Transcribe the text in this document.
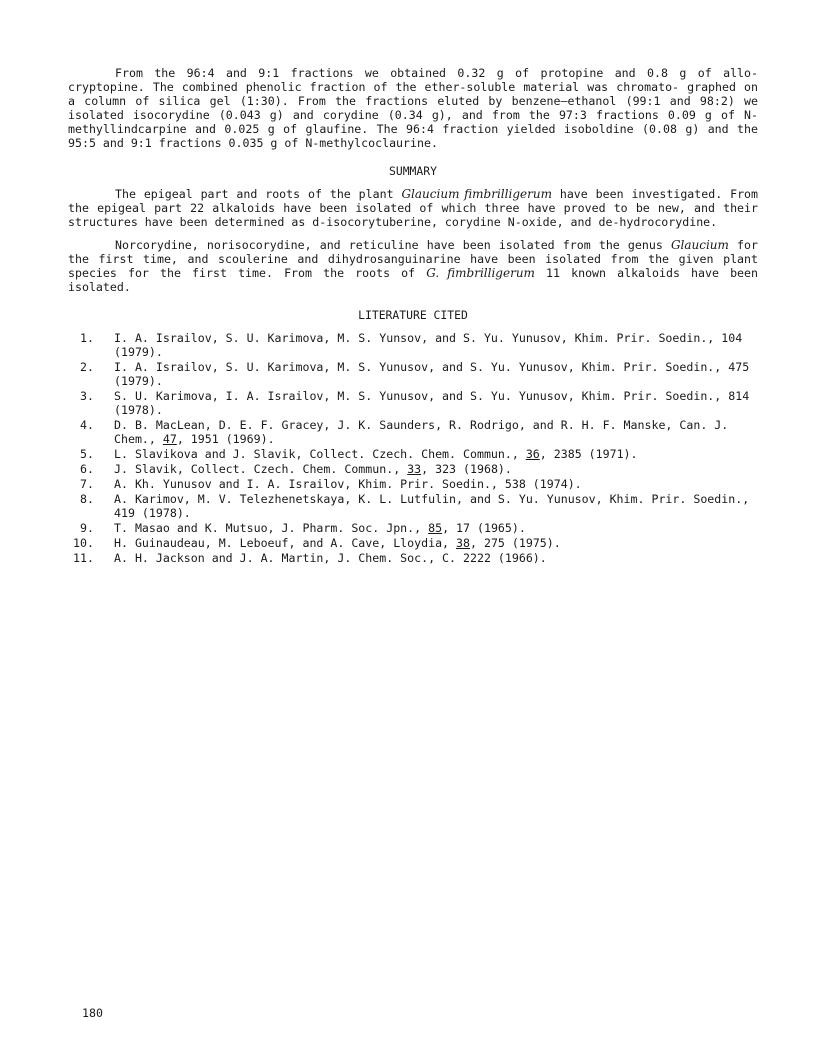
From the 96:4 and 9:1 fractions we obtained 0.32 g of protopine and 0.8 g of allo- cryptopine. The combined phenolic fraction of the ether-soluble material was chromato- graphed on a column of silica gel (1:30). From the fractions eluted by benzene–ethanol (99:1 and 98:2) we isolated isocorydine (0.043 g) and corydine (0.34 g), and from the 97:3 fractions 0.09 g of N-methyllindcarpine and 0.025 g of glaufine. The 96:4 fraction yielded isoboldine (0.08 g) and the 95:5 and 9:1 fractions 0.035 g of N-methylcoclaurine.

SUMMARY

The epigeal part and roots of the plant Glaucium fimbrilligerum have been investigated. From the epigeal part 22 alkaloids have been isolated of which three have proved to be new, and their structures have been determined as d-isocorytuberine, corydine N-oxide, and de-hydrocorydine.

Norcorydine, norisocorydine, and reticuline have been isolated from the genus Glaucium for the first time, and scoulerine and dihydrosanguinarine have been isolated from the given plant species for the first time. From the roots of G. fimbrilligerum 11 known alkaloids have been isolated.

LITERATURE CITED
1. I. A. Israilov, S. U. Karimova, M. S. Yunsov, and S. Yu. Yunusov, Khim. Prir. Soedin., 104 (1979).
2. I. A. Israilov, S. U. Karimova, M. S. Yunusov, and S. Yu. Yunusov, Khim. Prir. Soedin., 475 (1979).
3. S. U. Karimova, I. A. Israilov, M. S. Yunusov, and S. Yu. Yunusov, Khim. Prir. Soedin., 814 (1978).
4. D. B. MacLean, D. E. F. Gracey, J. K. Saunders, R. Rodrigo, and R. H. F. Manske, Can. J. Chem., 47, 1951 (1969).
5. L. Slavikova and J. Slavik, Collect. Czech. Chem. Commun., 36, 2385 (1971).
6. J. Slavik, Collect. Czech. Chem. Commun., 33, 323 (1968).
7. A. Kh. Yunusov and I. A. Israilov, Khim. Prir. Soedin., 538 (1974).
8. A. Karimov, M. V. Telezhenetskaya, K. L. Lutfulin, and S. Yu. Yunusov, Khim. Prir. Soedin., 419 (1978).
9. T. Masao and K. Mutsuo, J. Pharm. Soc. Jpn., 85, 17 (1965).
10. H. Guinaudeau, M. Leboeuf, and A. Cave, Lloydia, 38, 275 (1975).
11. A. H. Jackson and J. A. Martin, J. Chem. Soc., C. 2222 (1966).
180
